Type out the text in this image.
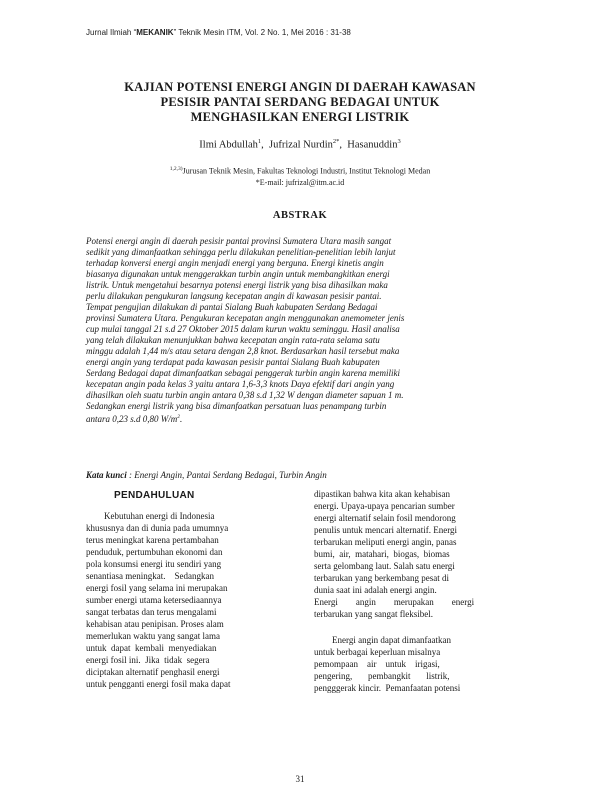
Jurnal Ilmiah “MEKANIK” Teknik Mesin ITM, Vol. 2 No. 1, Mei 2016 : 31-38
KAJIAN POTENSI ENERGI ANGIN DI DAERAH KAWASAN
PESISIR PANTAI SERDANG BEDAGAI UNTUK
MENGHASILKAN ENERGI LISTRIK
Ilmi Abdullah$^1$,  Jufrizal Nurdin$^{2*}$,  Hasanuddin$^3$
$^{1,2,3)}$Jurusan Teknik Mesin, Fakultas Teknologi Industri, Institut Teknologi Medan
*E-mail: jufrizal@itm.ac.id
ABSTRAK
Potensi energi angin di daerah pesisir pantai provinsi Sumatera Utara masih sangat
sedikit yang dimanfaatkan sehingga perlu dilakukan penelitian-penelitian lebih lanjut
terhadap konversi energi angin menjadi energi yang berguna. Energi kinetis angin
biasanya digunakan untuk menggerakkan turbin angin untuk membangkitkan energi
listrik. Untuk mengetahui besarnya potensi energi listrik yang bisa dihasilkan maka
perlu dilakukan pengukuran langsung kecepatan angin di kawasan pesisir pantai.
Tempat pengujian dilakukan di pantai Sialang Buah kabupaten Serdang Bedagai
provinsi Sumatera Utara. Pengukuran kecepatan angin menggunakan anemometer jenis
cup mulai tanggal 21 s.d 27 Oktober 2015 dalam kurun waktu seminggu. Hasil analisa
yang telah dilakukan menunjukkan bahwa kecepatan angin rata-rata selama satu
minggu adalah 1,44 m/s atau setara dengan 2,8 knot. Berdasarkan hasil tersebut maka
energi angin yang terdapat pada kawasan pesisir pantai Sialang Buah kabupaten
Serdang Bedagai dapat dimanfaatkan sebagai penggerak turbin angin karena memiliki
kecepatan angin pada kelas 3 yaitu antara 1,6-3,3 knots Daya efektif dari angin yang
dihasilkan oleh suatu turbin angin antara 0,38 s.d 1,32 W dengan diameter sapuan 1 m.
Sedangkan energi listrik yang bisa dimanfaatkan persatuan luas penampang turbin
antara 0,23 s.d 0,80 $W/m^2$.
Kata kunci : Energi Angin, Pantai Serdang Bedagai, Turbin Angin
PENDAHULUAN
Kebutuhan energi di Indonesia
khususnya dan di dunia pada umumnya
terus meningkat karena pertambahan
penduduk, pertumbuhan ekonomi dan
pola konsumsi energi itu sendiri yang
senantiasa meningkat.    Sedangkan
energi fosil yang selama ini merupakan
sumber energi utama ketersediaannya
sangat terbatas dan terus mengalami
kehabisan atau penipisan. Proses alam
memerlukan waktu yang sangat lama
untuk  dapat  kembali  menyediakan
energi fosil ini.  Jika  tidak  segera
diciptakan alternatif penghasil energi
untuk pengganti energi fosil maka dapat
dipastikan bahwa kita akan kehabisan
energi. Upaya-upaya pencarian sumber
energi alternatif selain fosil mendorong
penulis untuk mencari alternatif. Energi
terbarukan meliputi energi angin, panas
bumi,  air,  matahari,  biogas,  biomas
serta gelombang laut. Salah satu energi
terbarukan yang berkembang pesat di
dunia saat ini adalah energi angin.
Energi        angin        merupakan        energi
terbarukan yang sangat fleksibel.
Energi angin dapat dimanfaatkan
untuk berbagai keperluan misalnya
pemompaan    air    untuk    irigasi,
pengering,       pembangkit       listrik,
pengggerak kincir.  Pemanfaatan potensi
31
